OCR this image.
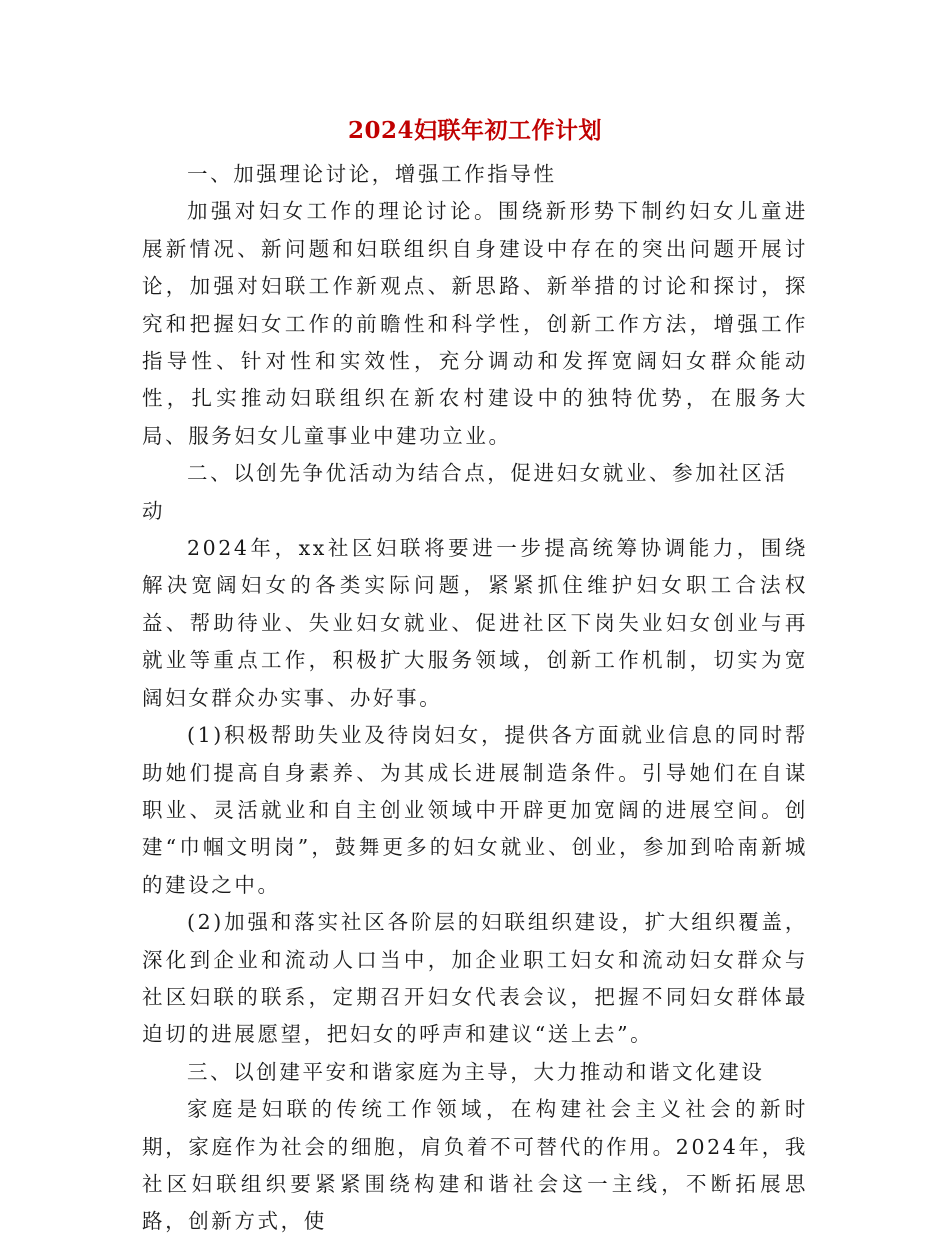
2024妇联年初工作计划

一、加强理论讨论，增强工作指导性

加强对妇女工作的理论讨论。围绕新形势下制约妇女儿童进展新情况、新问题和妇联组织自身建设中存在的突出问题开展讨论，加强对妇联工作新观点、新思路、新举措的讨论和探讨，探究和把握妇女工作的前瞻性和科学性，创新工作方法，增强工作指导性、针对性和实效性，充分调动和发挥宽阔妇女群众能动性，扎实推动妇联组织在新农村建设中的独特优势，在服务大局、服务妇女儿童事业中建功立业。

二、以创先争优活动为结合点，促进妇女就业、参加社区活动

2024年，xx社区妇联将要进一步提高统筹协调能力，围绕解决宽阔妇女的各类实际问题，紧紧抓住维护妇女职工合法权益、帮助待业、失业妇女就业、促进社区下岗失业妇女创业与再就业等重点工作，积极扩大服务领域，创新工作机制，切实为宽阔妇女群众办实事、办好事。

(1)积极帮助失业及待岗妇女，提供各方面就业信息的同时帮助她们提高自身素养、为其成长进展制造条件。引导她们在自谋职业、灵活就业和自主创业领域中开辟更加宽阔的进展空间。创建“巾帼文明岗”，鼓舞更多的妇女就业、创业，参加到哈南新城的建设之中。

(2)加强和落实社区各阶层的妇联组织建设，扩大组织覆盖，深化到企业和流动人口当中，加企业职工妇女和流动妇女群众与社区妇联的联系，定期召开妇女代表会议，把握不同妇女群体最迫切的进展愿望，把妇女的呼声和建议“送上去”。

三、以创建平安和谐家庭为主导，大力推动和谐文化建设

家庭是妇联的传统工作领域，在构建社会主义社会的新时期，家庭作为社会的细胞，肩负着不可替代的作用。2024年，我社区妇联组织要紧紧围绕构建和谐社会这一主线，不断拓展思路，创新方式，使
